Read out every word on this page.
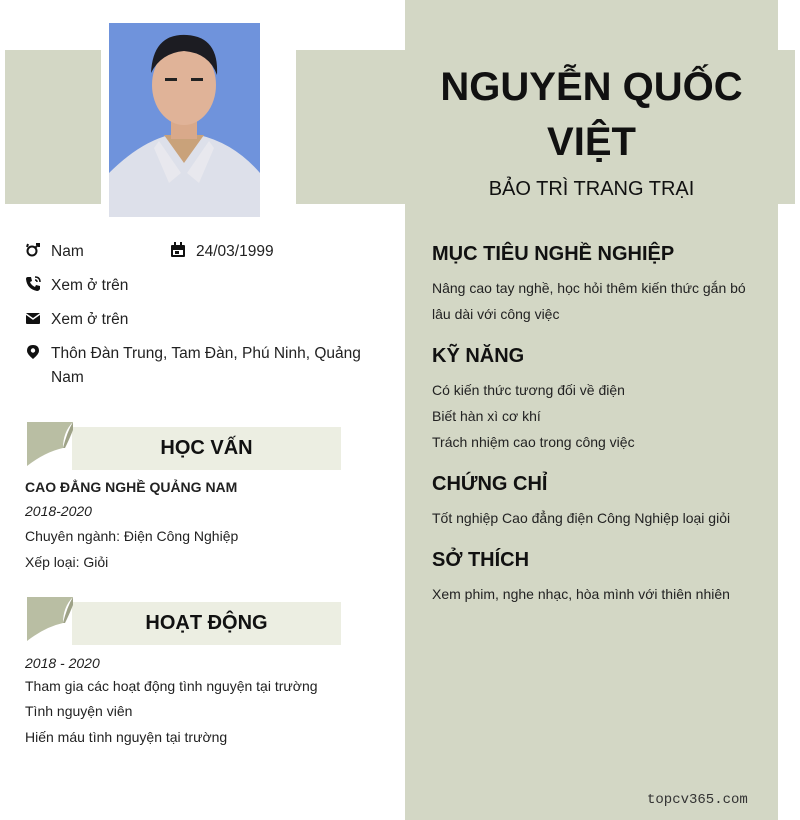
NGUYỄN QUỐC
VIỆT
BẢO TRÌ TRANG TRẠI
Nam	24/03/1999
Xem ở trên
Xem ở trên
Thôn Đàn Trung, Tam Đàn, Phú Ninh, Quảng Nam
HỌC VẤN
CAO ĐẲNG NGHỀ QUẢNG NAM
2018-2020
Chuyên ngành: Điện Công Nghiệp
Xếp loại: Giỏi
HOẠT ĐỘNG
2018 - 2020
Tham gia các hoạt động tình nguyện tại trường
Tình nguyện viên
Hiến máu tình nguyện tại trường
MỤC TIÊU NGHỀ NGHIỆP
Nâng cao tay nghề, học hỏi thêm kiến thức gắn bó lâu dài với công việc
KỸ NĂNG
Có kiến thức tương đối về điện
Biết hàn xì cơ khí
Trách nhiệm cao trong công việc
CHỨNG CHỈ
Tốt nghiệp Cao đẳng điện Công Nghiệp loại giỏi
SỞ THÍCH
Xem phim, nghe nhạc, hòa mình với thiên nhiên
topcv365.com
